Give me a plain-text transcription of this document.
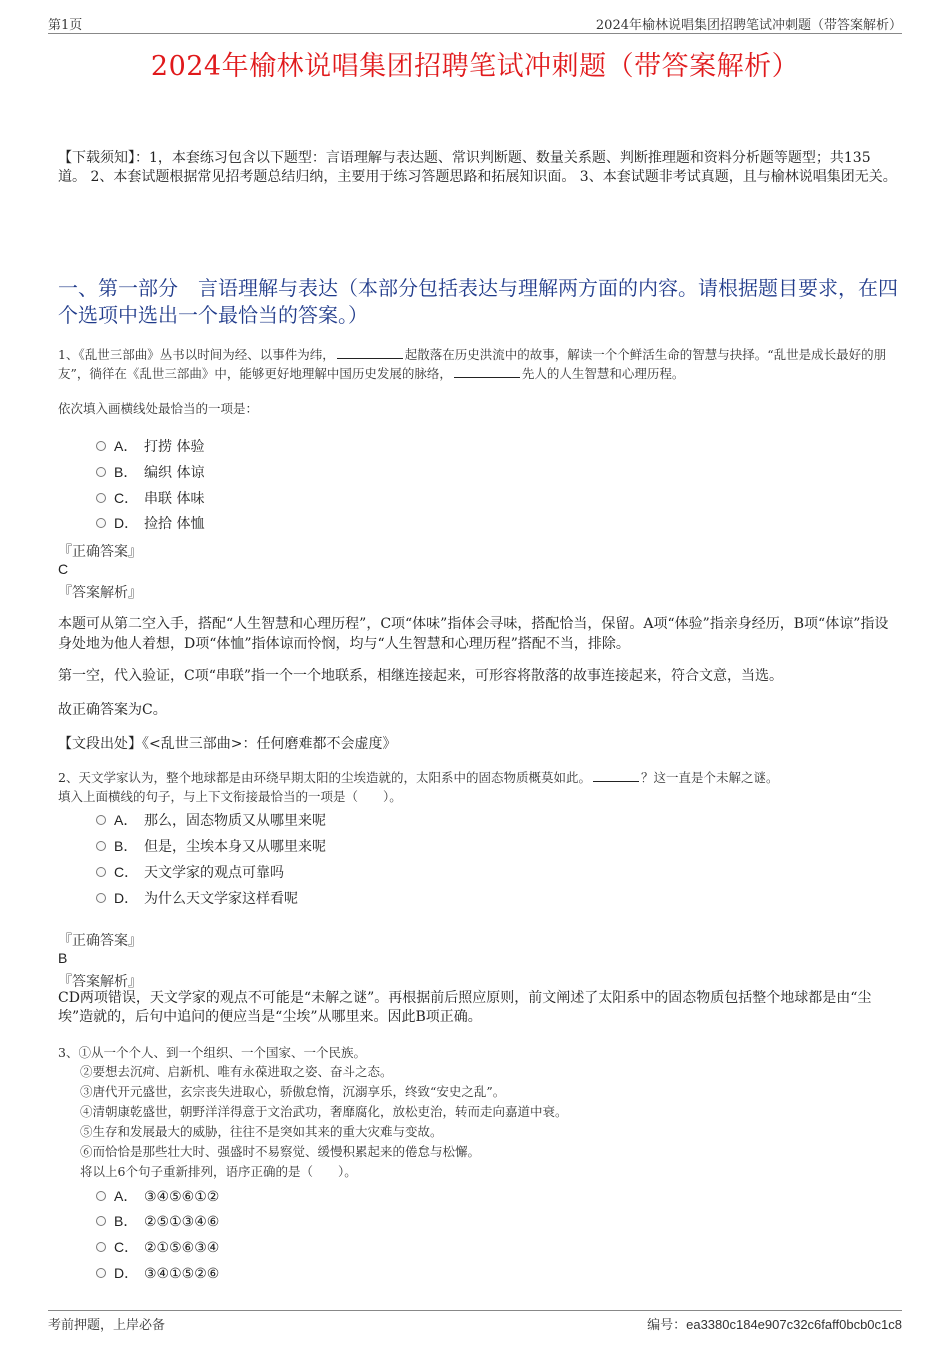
第1页	2024年榆林说唱集团招聘笔试冲刺题（带答案解析）
2024年榆林说唱集团招聘笔试冲刺题（带答案解析）
【下载须知】：1，本套练习包含以下题型：言语理解与表达题、常识判断题、数量关系题、判断推理题和资料分析题等题型；共135道。 2、本套试题根据常见招考题总结归纳，主要用于练习答题思路和拓展知识面。 3、本套试题非考试真题，且与榆林说唱集团无关。
一、第一部分　言语理解与表达（本部分包括表达与理解两方面的内容。请根据题目要求，在四个选项中选出一个最恰当的答案。）
1、《乱世三部曲》丛书以时间为经、以事件为纬，	起散落在历史洪流中的故事，解读一个个鲜活生命的智慧与抉择。“乱世是成长最好的朋友”，徜徉在《乱世三部曲》中，能够更好地理解中国历史发展的脉络，	先人的人生智慧和心理历程。
依次填入画横线处最恰当的一项是：
A． 打捞 体验
B． 编织 体谅
C． 串联 体味
D． 捡拾 体恤
『正确答案』
C
『答案解析』
本题可从第二空入手，搭配“人生智慧和心理历程”，C项“体味”指体会寻味，搭配恰当，保留。A项“体验”指亲身经历，B项“体谅”指设身处地为他人着想，D项“体恤”指体谅而怜悯，均与“人生智慧和心理历程”搭配不当，排除。
第一空，代入验证，C项“串联”指一个一个地联系，相继连接起来，可形容将散落的故事连接起来，符合文意，当选。
故正确答案为C。
【文段出处】《<乱世三部曲>：任何磨难都不会虚度》
2、天文学家认为，整个地球都是由环绕早期太阳的尘埃造就的，太阳系中的固态物质概莫如此。	？这一直是个未解之谜。
填入上面横线的句子，与上下文衔接最恰当的一项是（　　）。
A． 那么，固态物质又从哪里来呢
B． 但是，尘埃本身又从哪里来呢
C． 天文学家的观点可靠吗
D． 为什么天文学家这样看呢
『正确答案』
B
『答案解析』
CD两项错误，天文学家的观点不可能是“未解之谜”。再根据前后照应原则，前文阐述了太阳系中的固态物质包括整个地球都是由“尘埃”造就的，后句中追问的便应当是“尘埃”从哪里来。因此B项正确。
3、①从一个个人、到一个组织、一个国家、一个民族。
②要想去沉疴、启新机、唯有永葆进取之姿、奋斗之态。
③唐代开元盛世，玄宗丧失进取心，骄傲怠惰，沉溺享乐，终致“安史之乱”。
④清朝康乾盛世，朝野洋洋得意于文治武功，奢靡腐化，放松吏治，转而走向嘉道中衰。
⑤生存和发展最大的威胁，往往不是突如其来的重大灾难与变故。
⑥而恰恰是那些壮大时、强盛时不易察觉、缓慢积累起来的倦怠与松懈。
将以上6个句子重新排列，语序正确的是（　　）。
A． ③④⑤⑥①②
B． ②⑤①③④⑥
C． ②①⑤⑥③④
D． ③④①⑤②⑥
考前押题，上岸必备	编号：ea3380c184e907c32c6faff0bcb0c1c8
